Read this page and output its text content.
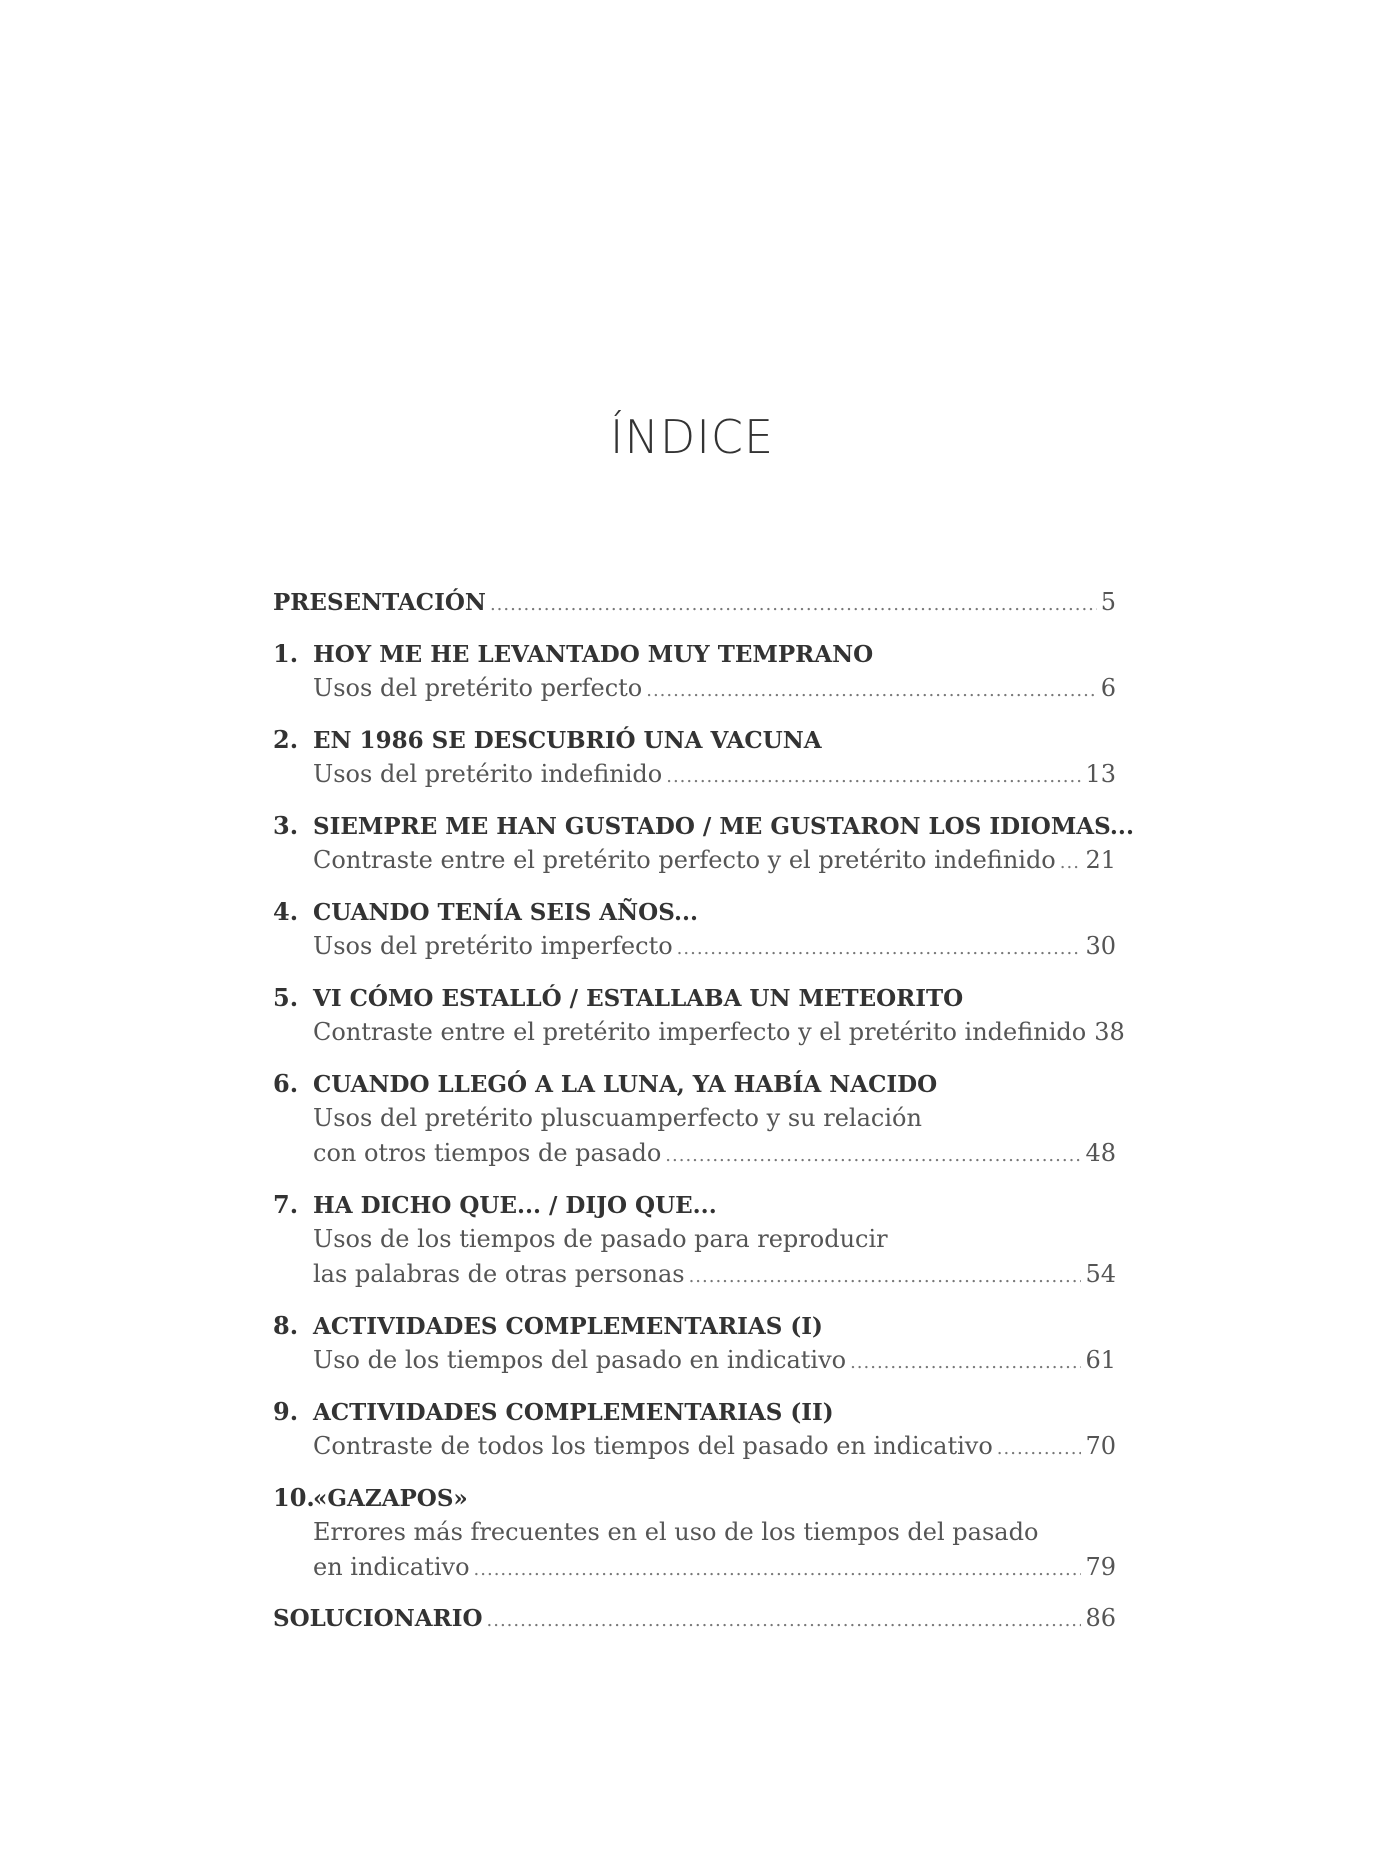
ÍNDICE
PRESENTACIÓN .....	5
1. HOY ME HE LEVANTADO MUY TEMPRANO
Usos del pretérito perfecto .....	6
2. EN 1986 SE DESCUBRIÓ UNA VACUNA
Usos del pretérito indefinido .....	13
3. SIEMPRE ME HAN GUSTADO / ME GUSTARON LOS IDIOMAS...
Contraste entre el pretérito perfecto y el pretérito indefinido ..... 21
4. CUANDO TENÍA SEIS AÑOS...
Usos del pretérito imperfecto .....	30
5. VI CÓMO ESTALLÓ / ESTALLABA UN METEORITO
Contraste entre el pretérito imperfecto y el pretérito indefinido 38
6. CUANDO LLEGÓ A LA LUNA, YA HABÍA NACIDO
Usos del pretérito pluscuamperfecto y su relación
con otros tiempos de pasado .....	48
7. HA DICHO QUE... / DIJO QUE...
Usos de los tiempos de pasado para reproducir
las palabras de otras personas .....	54
8. ACTIVIDADES COMPLEMENTARIAS (I)
Uso de los tiempos del pasado en indicativo .....	61
9. ACTIVIDADES COMPLEMENTARIAS (II)
Contraste de todos los tiempos del pasado en indicativo .....	70
10.
«GAZAPOS»
Errores más frecuentes en el uso de los tiempos del pasado
en indicativo .....	79
SOLUCIONARIO .....	86
